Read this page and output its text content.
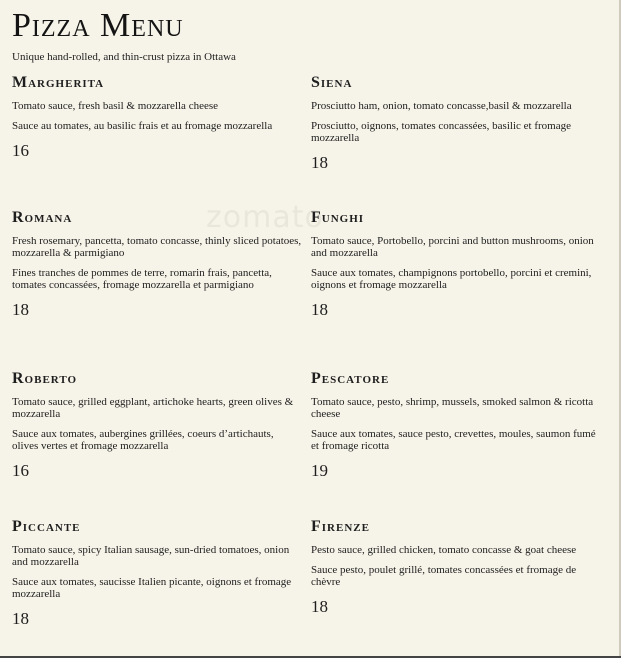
Pizza Menu
Unique hand-rolled, and thin-crust pizza in Ottawa
zomato
Margherita
Tomato sauce, fresh basil & mozzarella cheese
Sauce au tomates, au basilic frais et au fromage mozzarella
16
Siena
Prosciutto ham, onion, tomato concasse,basil & mozzarella
Prosciutto, oignons, tomates concassées, basilic et fromage mozzarella
18
Romana
Fresh rosemary, pancetta, tomato concasse, thinly sliced potatoes, mozzarella & parmigiano
Fines tranches de pommes de terre, romarin frais, pancetta, tomates concassées, fromage mozzarella et parmigiano
18
Funghi
Tomato sauce, Portobello, porcini and button mushrooms, onion and mozzarella
Sauce aux tomates, champignons portobello, porcini et cremini, oignons et fromage mozzarella
18
Roberto
Tomato sauce, grilled eggplant, artichoke hearts, green olives & mozzarella
Sauce aux tomates, aubergines grillées, coeurs d’artichauts, olives vertes et fromage mozzarella
16
Pescatore
Tomato sauce, pesto, shrimp, mussels, smoked salmon & ricotta cheese
Sauce aux tomates, sauce pesto, crevettes, moules, saumon fumé et fromage ricotta
19
Piccante
Tomato sauce, spicy Italian sausage, sun-dried tomatoes, onion and mozzarella
Sauce aux tomates, saucisse Italien picante, oignons et fromage mozzarella
18
Firenze
Pesto sauce, grilled chicken, tomato concasse & goat cheese
Sauce pesto, poulet grillé, tomates concassées et fromage de chèvre
18
